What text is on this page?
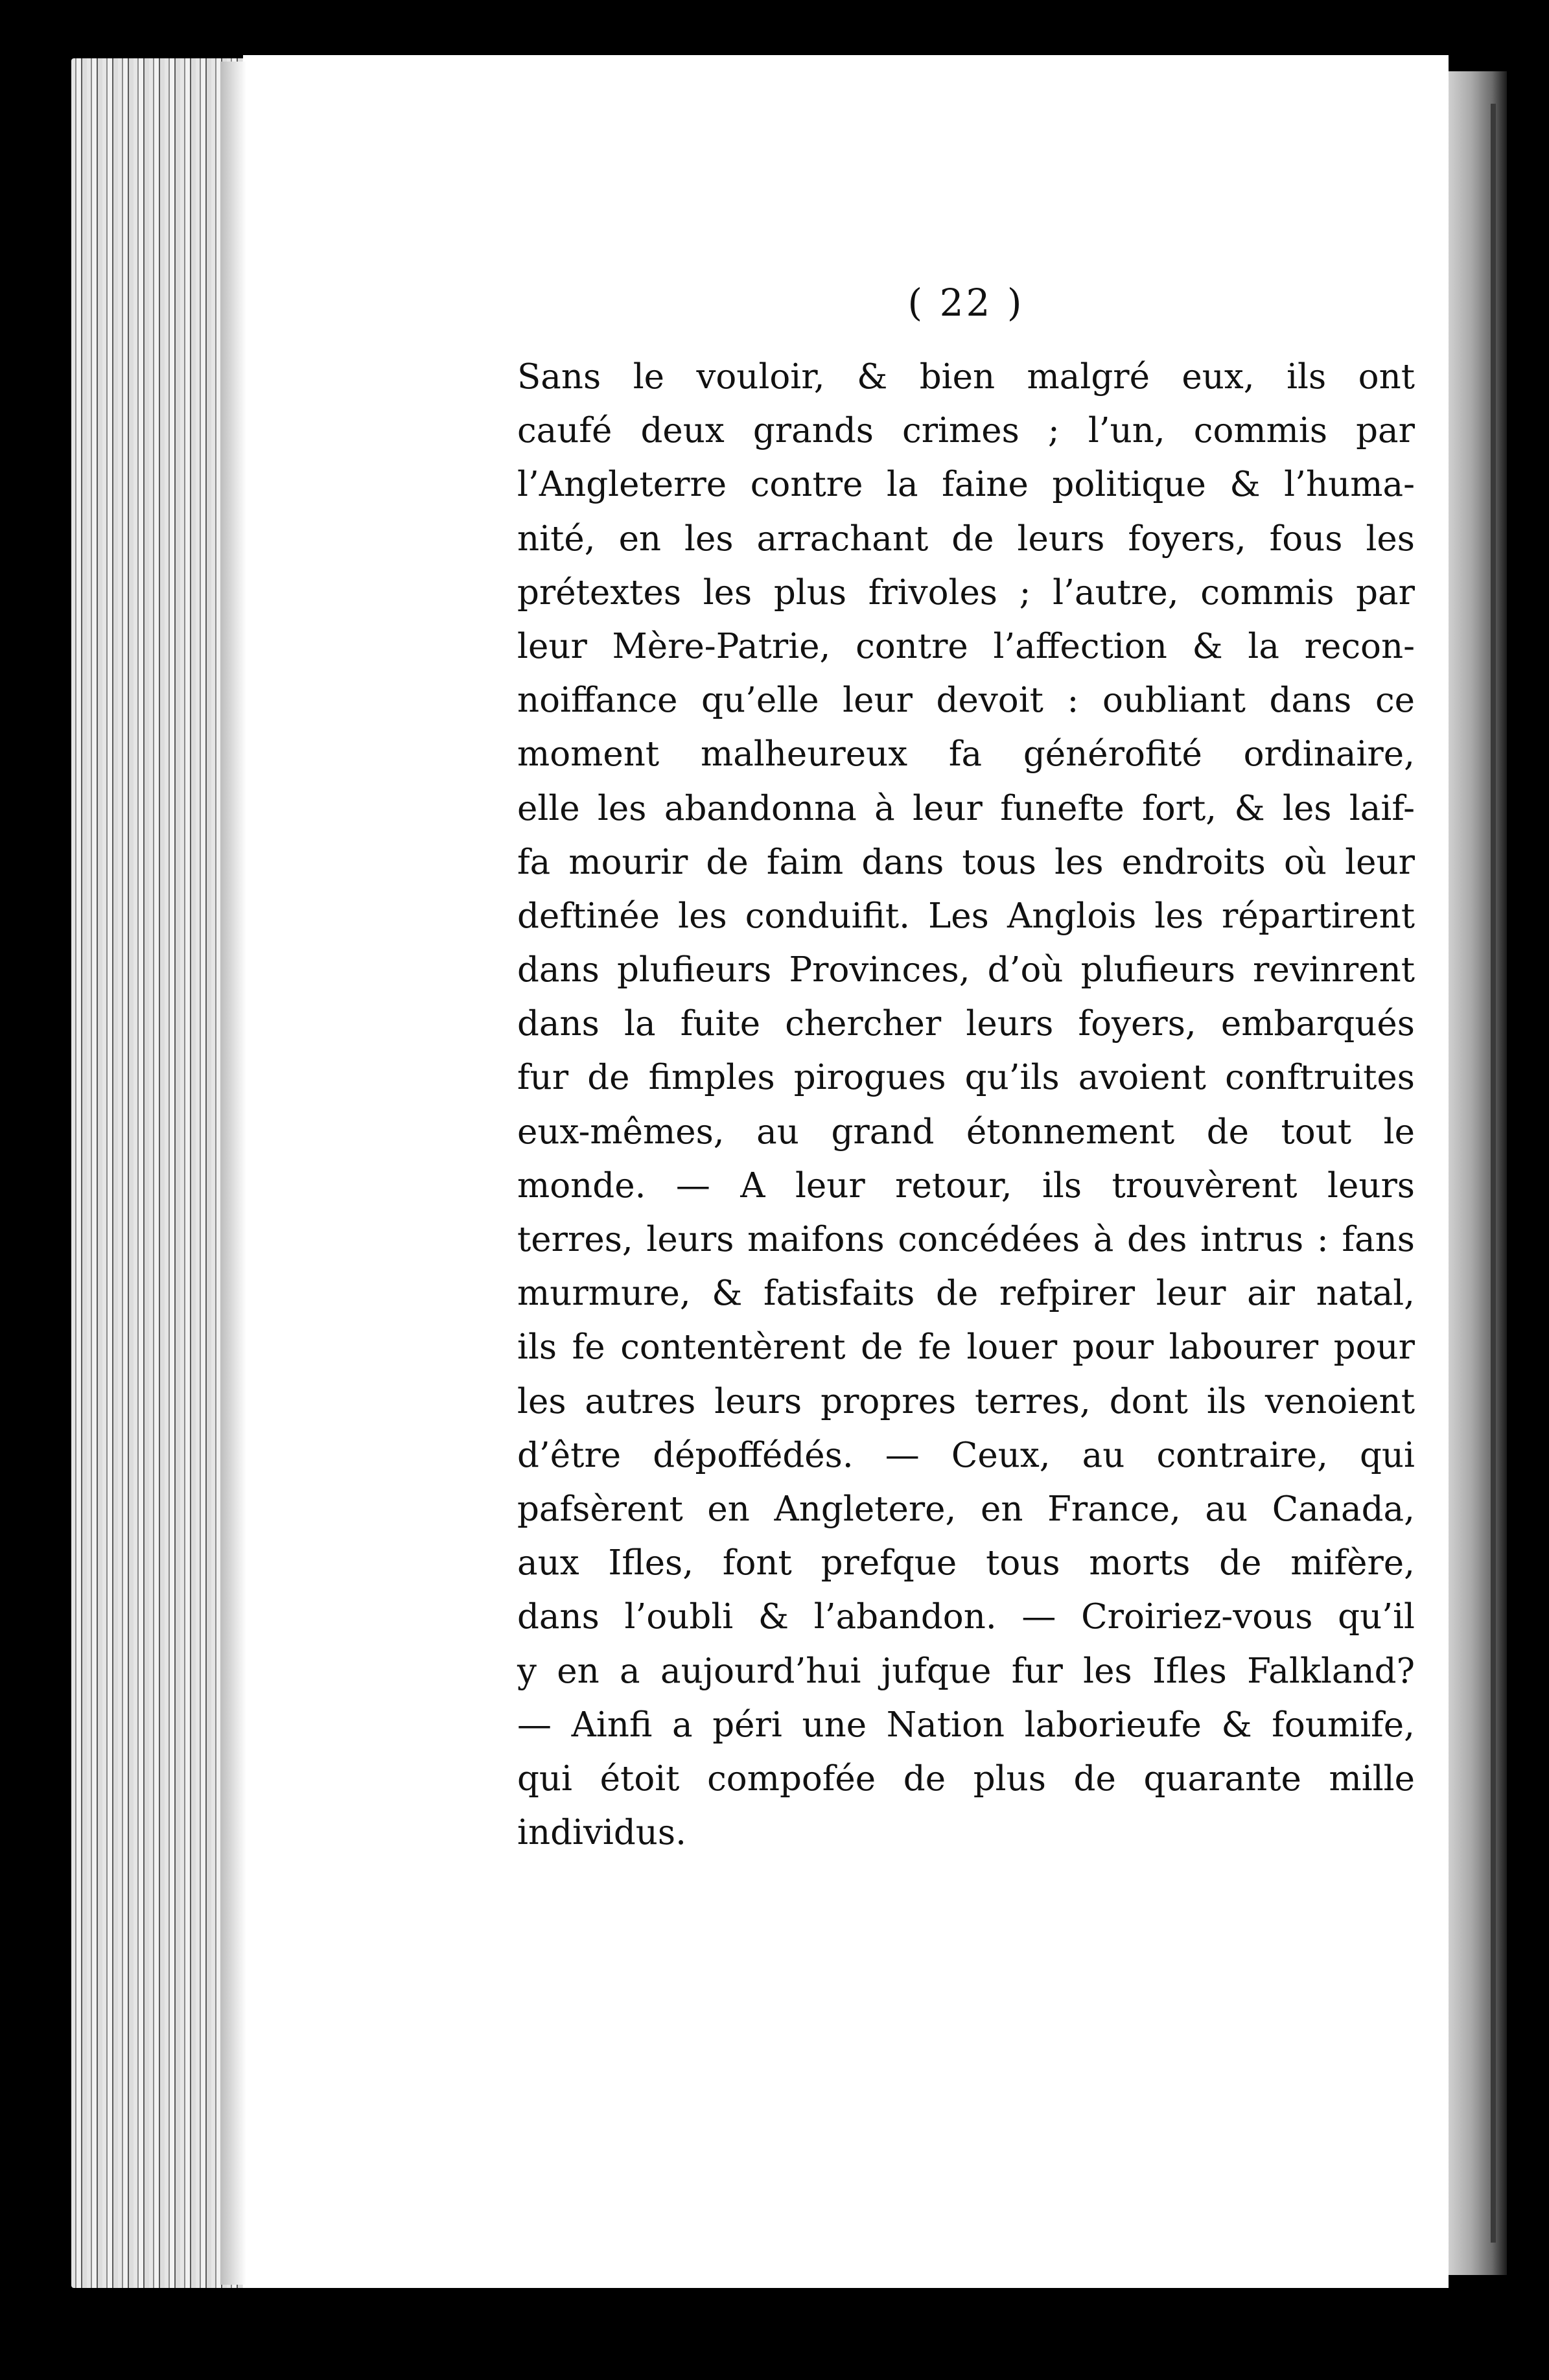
( 22 )
Sans le vouloir, & bien malgré eux, ils ont
caufé deux grands crimes ; l’un, commis par
l’Angleterre contre la faine politique & l’huma-
nité, en les arrachant de leurs foyers, fous les
prétextes les plus frivoles ; l’autre, commis par
leur Mère-Patrie, contre l’affection & la recon-
noiffance qu’elle leur devoit : oubliant dans ce
moment malheureux fa générofité ordinaire,
elle les abandonna à leur funefte fort, & les laif-
fa mourir de faim dans tous les endroits où leur
deftinée les conduifit. Les Anglois les répartirent
dans plufieurs Provinces, d’où plufieurs revinrent
dans la fuite chercher leurs foyers, embarqués
fur de fimples pirogues qu’ils avoient conftruites
eux-mêmes, au grand étonnement de tout le
monde. — A leur retour, ils trouvèrent leurs
terres, leurs maifons concédées à des intrus : fans
murmure, & fatisfaits de refpirer leur air natal,
ils fe contentèrent de fe louer pour labourer pour
les autres leurs propres terres, dont ils venoient
d’être dépoffédés. — Ceux, au contraire, qui
pafsèrent en Angletere, en France, au Canada,
aux Ifles, font prefque tous morts de mifère,
dans l’oubli & l’abandon. — Croiriez-vous qu’il
y en a aujourd’hui jufque fur les Ifles Falkland?
— Ainfi a péri une Nation laborieufe & foumife,
qui étoit compofée de plus de quarante mille
individus.
